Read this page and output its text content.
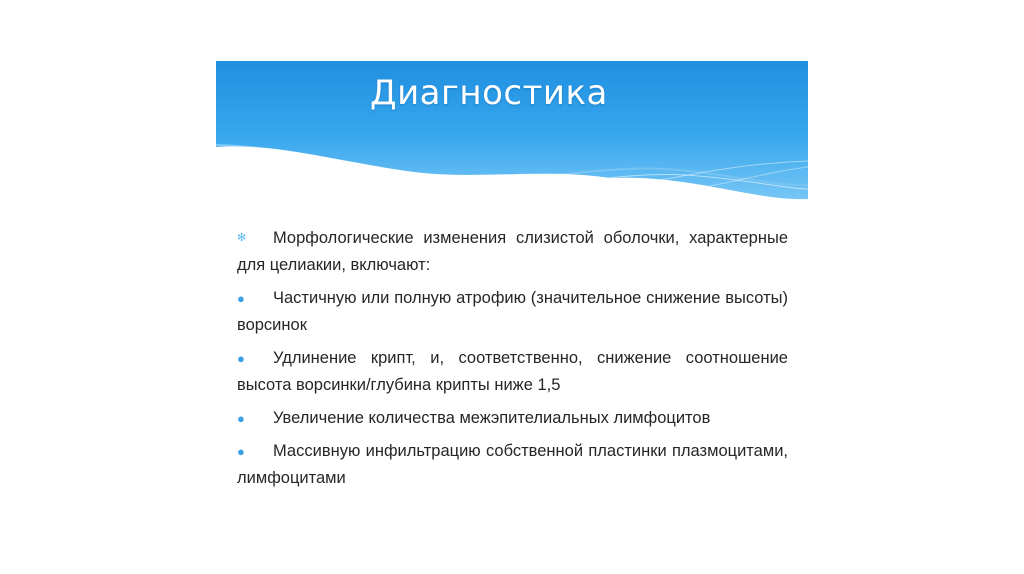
Диагностика
✻ Морфологические изменения слизистой оболочки, характерные для целиакии, включают:
● Частичную или полную атрофию (значительное снижение высоты) ворсинок
● Удлинение крипт, и, соответственно, снижение соотношение высота ворсинки/глубина крипты ниже 1,5
● Увеличение количества межэпителиальных лимфоцитов
● Массивную инфильтрацию собственной пластинки плазмоцитами, лимфоцитами
